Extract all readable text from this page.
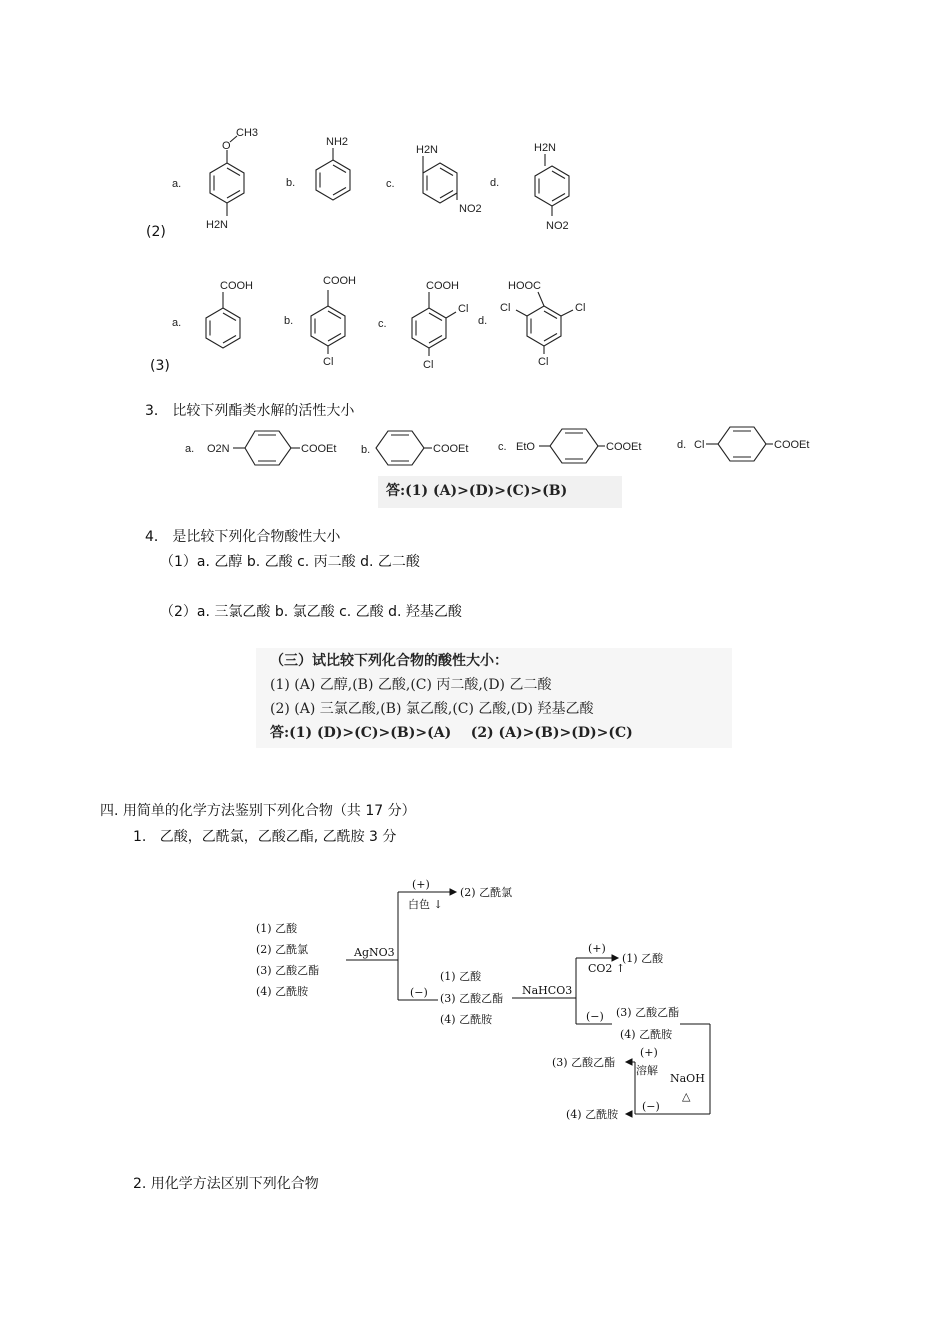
(2)
a.
O
CH3
H2N
b.
NH2
c.
H2N
NO2
d.
H2N
NO2
(3)
a.
COOH
b.
COOH
Cl
c.
COOH
Cl
Cl
d.
HOOC
Cl	Cl
Cl
3． 比较下列酯类水解的活性大小
a. O2N	COOEt b.	COOEt	c. EtO	COOEt	d. Cl	COOEt
答:(1) (A)>(D)>(C)>(B)
4． 是比较下列化合物酸性大小
（1）a. 乙醇 b. 乙酸 c. 丙二酸 d. 乙二酸
（2）a. 三氯乙酸 b. 氯乙酸 c. 乙酸 d. 羟基乙酸
（三）试比较下列化合物的酸性大小：
(1) (A) 乙醇,(B) 乙酸,(C) 丙二酸,(D) 乙二酸
(2) (A) 三氯乙酸,(B) 氯乙酸,(C) 乙酸,(D) 羟基乙酸
答:(1) (D)>(C)>(B)>(A)    (2) (A)>(B)>(D)>(C)
四. 用简单的化学方法鉴别下列化合物（共 17 分）
1.   乙酸，乙酰氯，乙酸乙酯, 乙酰胺 3 分
(1) 乙酸
(2) 乙酰氯
(3) 乙酸乙酯
(4) 乙酰胺
AgNO3
(+)
白色 ↓
(2) 乙酰氯
(−)
(1) 乙酸
(3) 乙酸乙酯
(4) 乙酰胺
NaHCO3
(+)
CO2 ↑
(1) 乙酸
(−) (3) 乙酸乙酯
(4) 乙酰胺
NaOH
△
(+)
溶解
(3) 乙酸乙酯
(−)
(4) 乙酰胺
2. 用化学方法区别下列化合物
